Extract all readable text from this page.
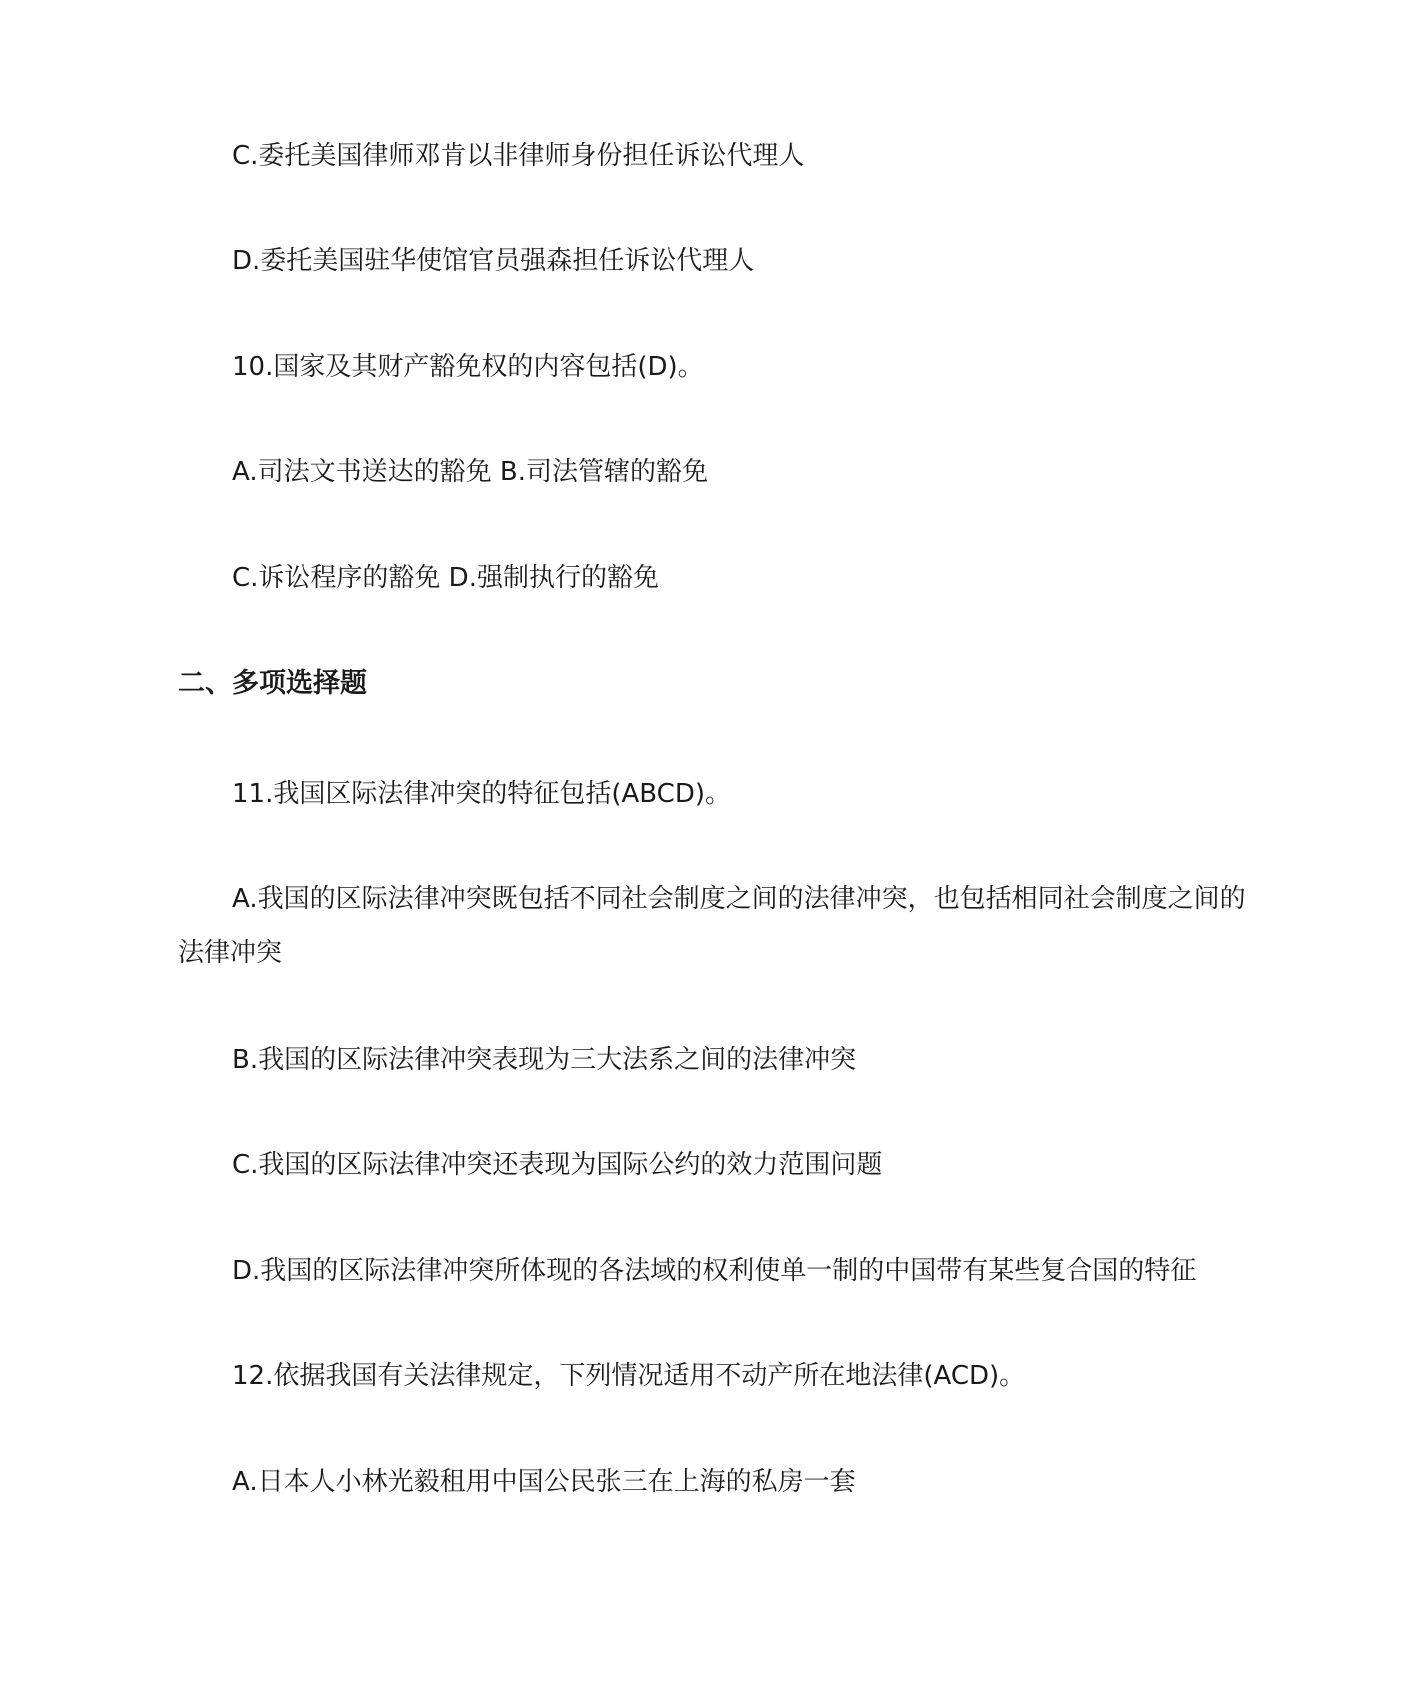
C.委托美国律师邓肯以非律师身份担任诉讼代理人
D.委托美国驻华使馆官员强森担任诉讼代理人
10.国家及其财产豁免权的内容包括(D)。
A.司法文书送达的豁免 B.司法管辖的豁免
C.诉讼程序的豁免 D.强制执行的豁免
二、多项选择题
11.我国区际法律冲突的特征包括(ABCD)。
A.我国的区际法律冲突既包括不同社会制度之间的法律冲突，也包括相同社会制度之间的法律冲突
B.我国的区际法律冲突表现为三大法系之间的法律冲突
C.我国的区际法律冲突还表现为国际公约的效力范围问题
D.我国的区际法律冲突所体现的各法域的权利使单一制的中国带有某些复合国的特征
12.依据我国有关法律规定，下列情况适用不动产所在地法律(ACD)。
A.日本人小林光毅租用中国公民张三在上海的私房一套
